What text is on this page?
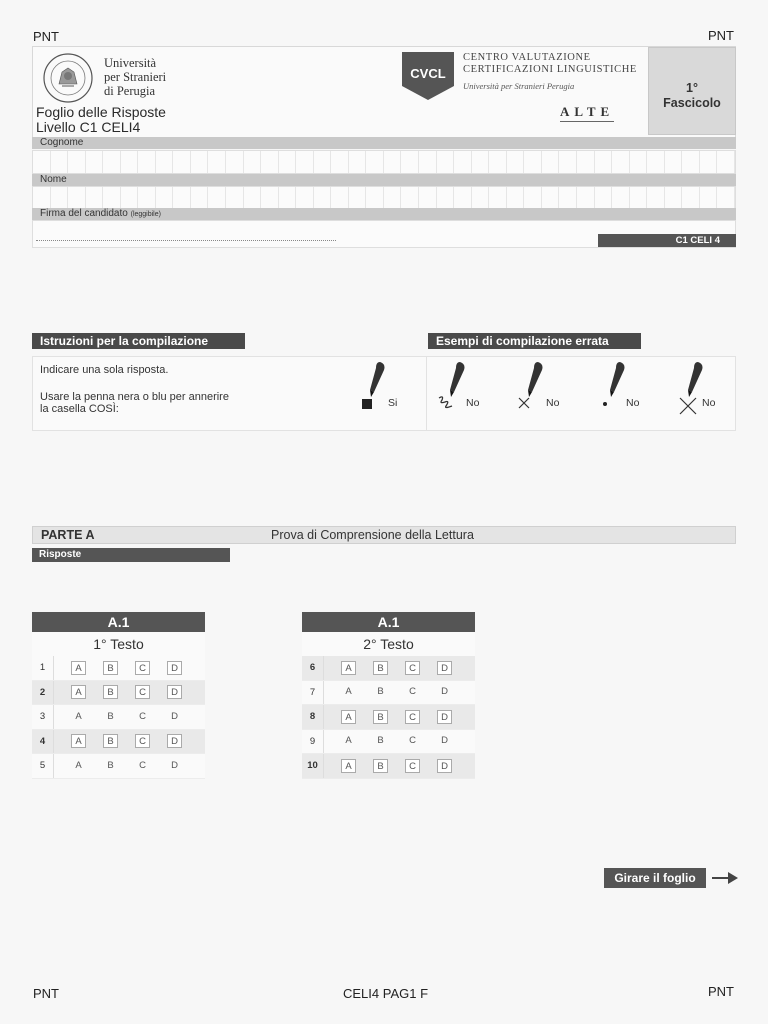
PNT	PNT
PNT	PNT
Università
per Stranieri
di Perugia
Foglio delle Risposte
Livello C1 CELI4
CVCL
CENTRO VALUTAZIONE
CERTIFICAZIONI LINGUISTICHE
Università per Stranieri Perugia
ALTE
1°
Fascicolo
Cognome
Nome
Firma del candidato (leggibile)
C1 CELI 4
Istruzioni per la compilazione	Esempi di compilazione errata
Indicare una sola risposta.
Usare la penna nera o blu per annerire
la casella COSÌ:	Si	No	No	No	No
PARTE A	Prova di Comprensione della Lettura
Risposte
A.1
1° Testo
1	A	B	C	D
2	A	B	C	D
3	A	B	C	D
4	A	B	C	D
5	A	B	C	D
A.1
2° Testo
6	A	B	C	D
7	A	B	C	D
8	A	B	C	D
9	A	B	C	D
10	A	B	C	D
Girare il foglio
CELI4 PAG1 F
